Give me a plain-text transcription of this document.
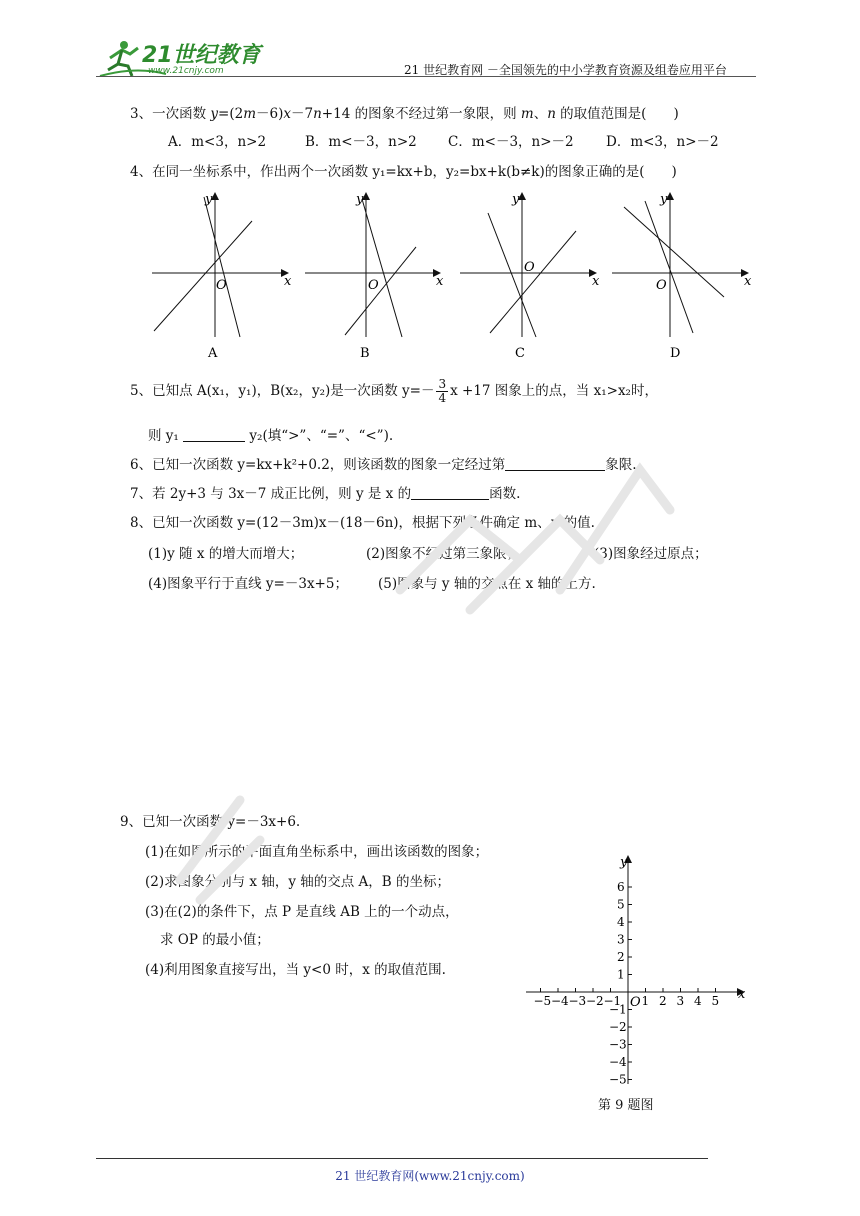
21世纪教育
www.21cnjy.com	21 世纪教育网 －全国领先的中小学教育资源及组卷应用平台
3、一次函数 y=(2m－6)x－7n+14 的图象不经过第一象限，则 m、n 的取值范围是(　　)
A．m<3，n>2	B．m<－3，n>2 C．m<－3，n>－2 D．m<3，n>－2
4、在同一坐标系中，作出两个一次函数 y₁=kx+b，y₂=bx+k(b≠k)的图象正确的是(　　)
x
y
O
A
x
y
O
B
x
y
O
C
x
y
O
D
5、已知点 A(x₁，y₁)，B(x₂，y₂)是一次函数 $y=- \frac{3}{4}$ x +17 图象上的点，当 x₁>x₂时，
则 y₁	y₂(填“>”、“=”、“<”).
6、已知一次函数 y=kx+k²+0.2，则该函数的图象一定经过第	象限.
7、若 2y+3 与 3x－7 成正比例，则 y 是 x 的	函数.
8、已知一次函数 y=(12－3m)x－(18－6n)，根据下列条件确定 m、n 的值.
(1)y 随 x 的增大而增大；	(2)图象不经过第三象限；	(3)图象经过原点；
(4)图象平行于直线 y=－3x+5； (5)图象与 y 轴的交点在 x 轴的上方.
9、已知一次函数 y=－3x+6.
(1)在如图所示的平面直角坐标系中，画出该函数的图象；
(2)求图象分别与 x 轴，y 轴的交点 A，B 的坐标；
(3)在(2)的条件下，点 P 是直线 AB 上的一个动点，
求 OP 的最小值；
(4)利用图象直接写出，当 y<0 时，x 的取值范围.
−5 −4 −3 −2 −1 1 2 3 4 5
6
5
4
3
2
1
−1
−2
−3
−4
−5
x
y
O
第 9 题图
21 世纪教育网(www.21cnjy.com)
